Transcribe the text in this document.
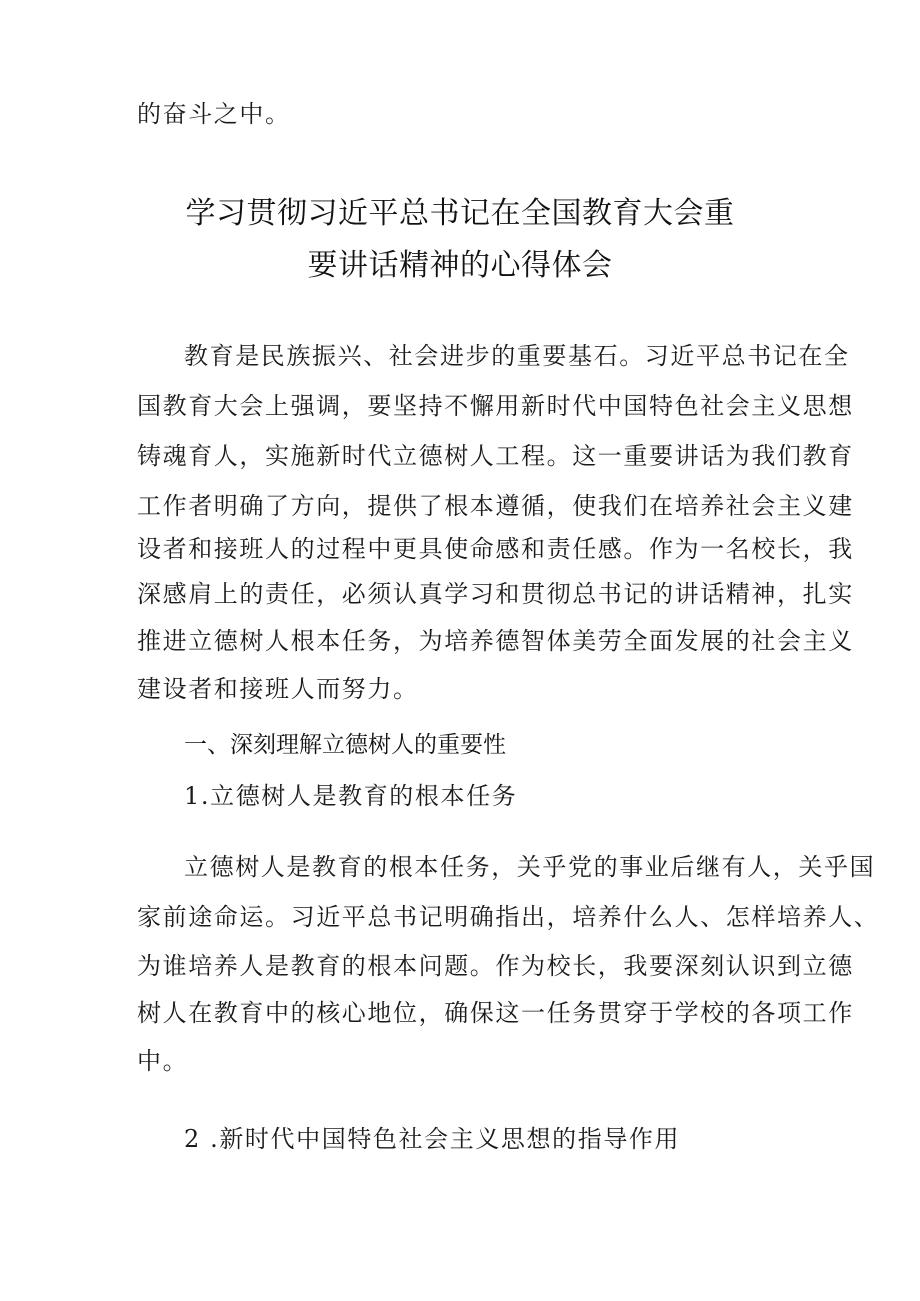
的奋斗之中。
学习贯彻习近平总书记在全国教育大会重
要讲话精神的心得体会
教育是民族振兴、社会进步的重要基石。习近平总书记在全
国教育大会上强调，要坚持不懈用新时代中国特色社会主义思想
铸魂育人，实施新时代立德树人工程。这一重要讲话为我们教育
工作者明确了方向，提供了根本遵循，使我们在培养社会主义建
设者和接班人的过程中更具使命感和责任感。作为一名校长，我
深感肩上的责任，必须认真学习和贯彻总书记的讲话精神，扎实
推进立德树人根本任务，为培养德智体美劳全面发展的社会主义
建设者和接班人而努力。
一、深刻理解立德树人的重要性
1.立德树人是教育的根本任务
立德树人是教育的根本任务，关乎党的事业后继有人，关乎国
家前途命运。习近平总书记明确指出，培养什么人、怎样培养人、
为谁培养人是教育的根本问题。作为校长，我要深刻认识到立德
树人在教育中的核心地位，确保这一任务贯穿于学校的各项工作
中。
2 .新时代中国特色社会主义思想的指导作用
